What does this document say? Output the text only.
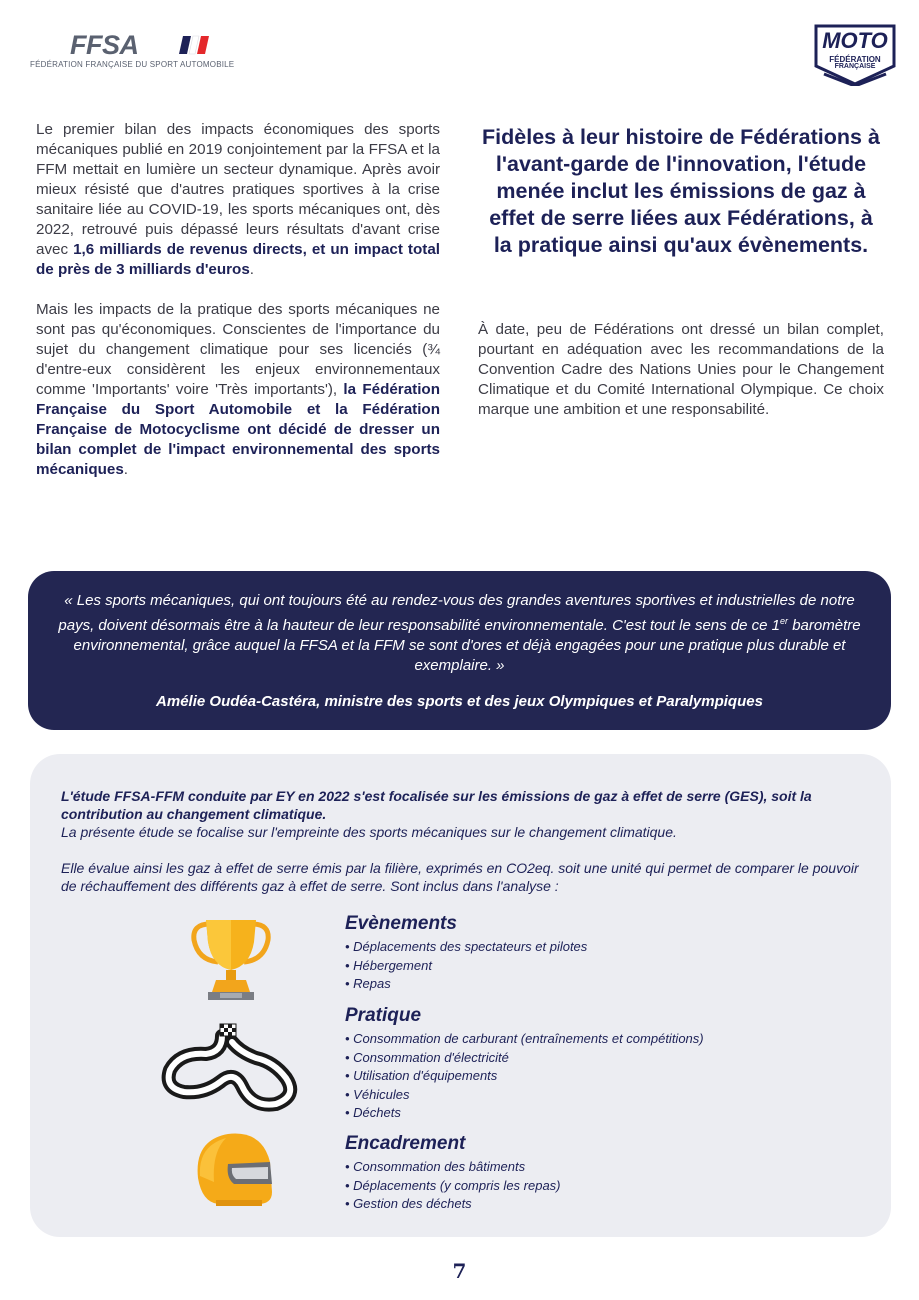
FFSA
FÉDÉRATION FRANÇAISE DU SPORT AUTOMOBILE
MOTO
FÉDÉRATION
FRANÇAISE

Le premier bilan des impacts économiques des sports mécaniques publié en 2019 conjointement par la FFSA et la FFM mettait en lumière un secteur dynamique. Après avoir mieux résisté que d'autres pratiques sportives à la crise sanitaire liée au COVID-19, les sports mécaniques ont, dès 2022, retrouvé puis dépassé leurs résultats d'avant crise avec 1,6 milliards de revenus directs, et un impact total de près de 3 milliards d'euros.

Mais les impacts de la pratique des sports mécaniques ne sont pas qu'économiques. Conscientes de l'importance du sujet du changement climatique pour ses licenciés (¾ d'entre-eux considèrent les enjeux environnementaux comme 'Importants' voire 'Très importants'), la Fédération Française du Sport Automobile et la Fédération Française de Motocyclisme ont décidé de dresser un bilan complet de l'impact environnemental des sports mécaniques.

Fidèles à leur histoire de Fédérations à l'avant-garde de l'innovation, l'étude menée inclut les émissions de gaz à effet de serre liées aux Fédérations, à la pratique ainsi qu'aux évènements.

À date, peu de Fédérations ont dressé un bilan complet, pourtant en adéquation avec les recommandations de la Convention Cadre des Nations Unies pour le Changement Climatique et du Comité International Olympique. Ce choix marque une ambition et une responsabilité.

« Les sports mécaniques, qui ont toujours été au rendez-vous des grandes aventures sportives et industrielles de notre pays, doivent désormais être à la hauteur de leur responsabilité environnementale. C'est tout le sens de ce 1er baromètre environnemental, grâce auquel la FFSA et la FFM se sont d'ores et déjà engagées pour une pratique plus durable et exemplaire. »

Amélie Oudéa-Castéra, ministre des sports et des jeux Olympiques et Paralympiques

L'étude FFSA-FFM conduite par EY en 2022 s'est focalisée sur les émissions de gaz à effet de serre (GES), soit la contribution au changement climatique.

La présente étude se focalise sur l'empreinte des sports mécaniques sur le changement climatique.

Elle évalue ainsi les gaz à effet de serre émis par la filière, exprimés en CO2eq. soit une unité qui permet de comparer le pouvoir de réchauffement des différents gaz à effet de serre. Sont inclus dans l'analyse :

Evènements
• Déplacements des spectateurs et pilotes
• Hébergement
• Repas
Pratique
• Consommation de carburant (entraînements et compétitions)
• Consommation d'électricité
• Utilisation d'équipements
• Véhicules
• Déchets
Encadrement
• Consommation des bâtiments
• Déplacements (y compris les repas)
• Gestion des déchets
7
